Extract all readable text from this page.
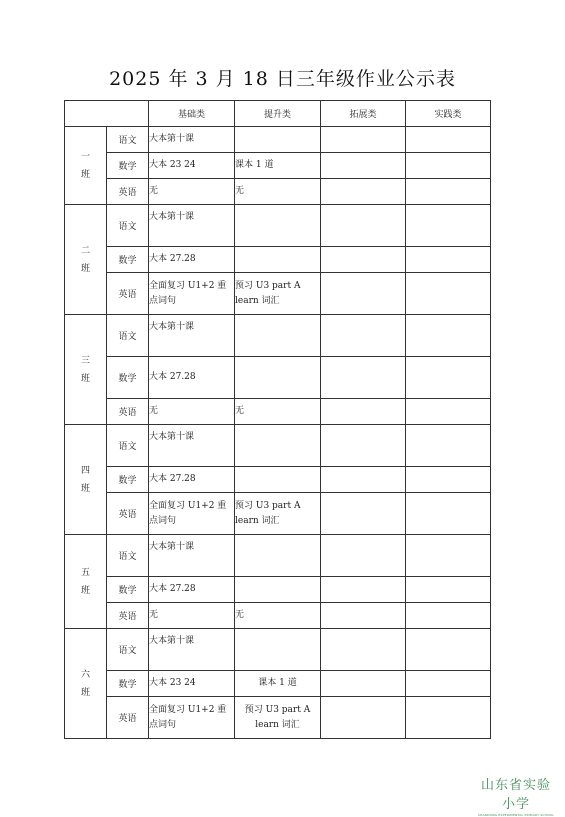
2025 年 3 月 18 日三年级作业公示表
		基础类	提升类	拓展类	实践类

一
班	语文	大本第十课			
	数学	大本 23 24	课本 1 道		
	英语	无	无		

二
班	语文	大本第十课			
	数学	大本 27.28			
	英语	全面复习 U1+2 重点词句	预习 U3 part A learn 词汇		

三
班	语文	大本第十课			
	数学	大本 27.28			
	英语	无	无		

四
班	语文	大本第十课			
	数学	大本 27.28			
	英语	全面复习 U1+2 重点词句	预习 U3 part A learn 词汇		

五
班	语文	大本第十课			
	数学	大本 27.28			
	英语	无	无		

六
班	语文	大本第十课			
	数学	大本 23 24	课本 1 道		
	英语	全面复习 U1+2 重点词句	预习 U3 part A learn 词汇		
山东省实验小学
SHANDONG EXPERIMENTAL PRIMARY SCHOOL
